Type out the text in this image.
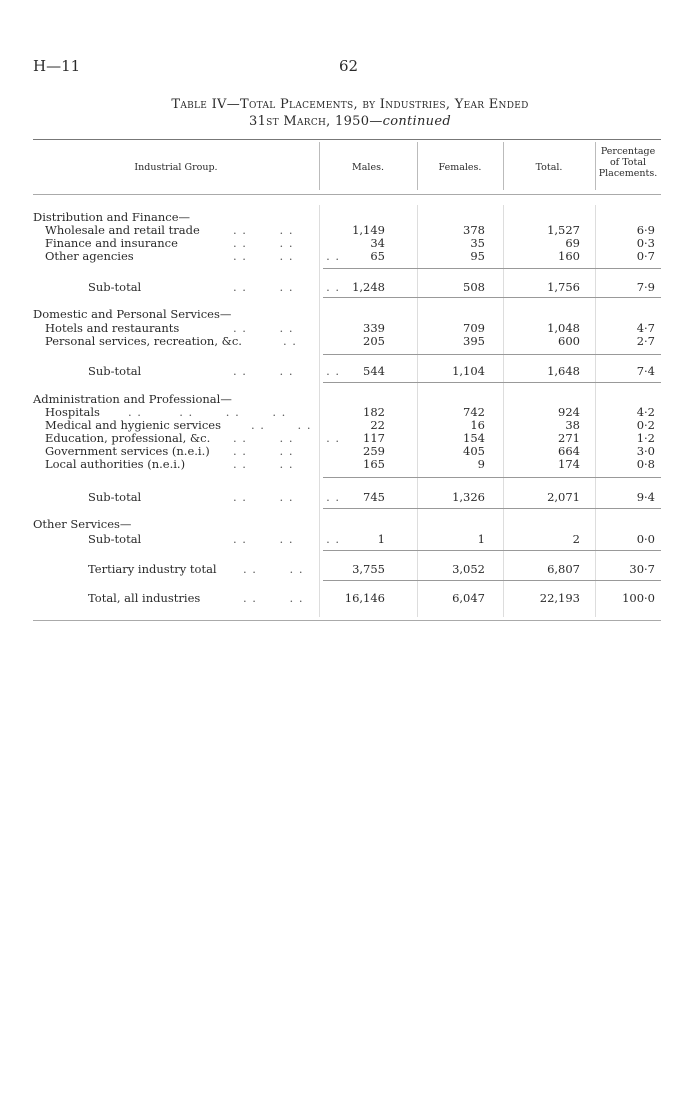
H—11	62
Table IV—Total Placements, by Industries, Year Ended
31st March, 1950—continued
Industrial Group.	Males.	Females.	Total.
Percentage
of Total
Placements.
Distribution and Finance—
Wholesale and retail trade	. .       . .	1,149	378	1,527	6·9
Finance and insurance	. .       . .	34	35	69	0·3
Other agencies	. .       . .       . .	65	95	160	0·7
Sub-total	. .       . .       . .	1,248	508	1,756	7·9
Domestic and Personal Services—
Hotels and restaurants	. .       . .	339	709	1,048	4·7
Personal services, recreation, &c.	. .	205	395	600	2·7
Sub-total	. .       . .       . .	544	1,104	1,648	7·4
Administration and Professional—
Hospitals . .        . .       . .       . .	182	742	924	4·2
Medical and hygienic services	. .       . .	22	16	38	0·2
Education, professional, &c. . .       . .       . .	117	154	271	1·2
Government services (n.e.i.) . .       . .	259	405	664	3·0
Local authorities (n.e.i.)	. .       . .	165	9	174	0·8
Sub-total	. .       . .       . .	745	1,326	2,071	9·4
Other Services—
Sub-total	. .       . .       . .	1	1	2	0·0
Tertiary industry total . .       . .	3,755	3,052	6,807	30·7
Total, all industries	. .       . .	16,146	6,047	22,193	100·0
